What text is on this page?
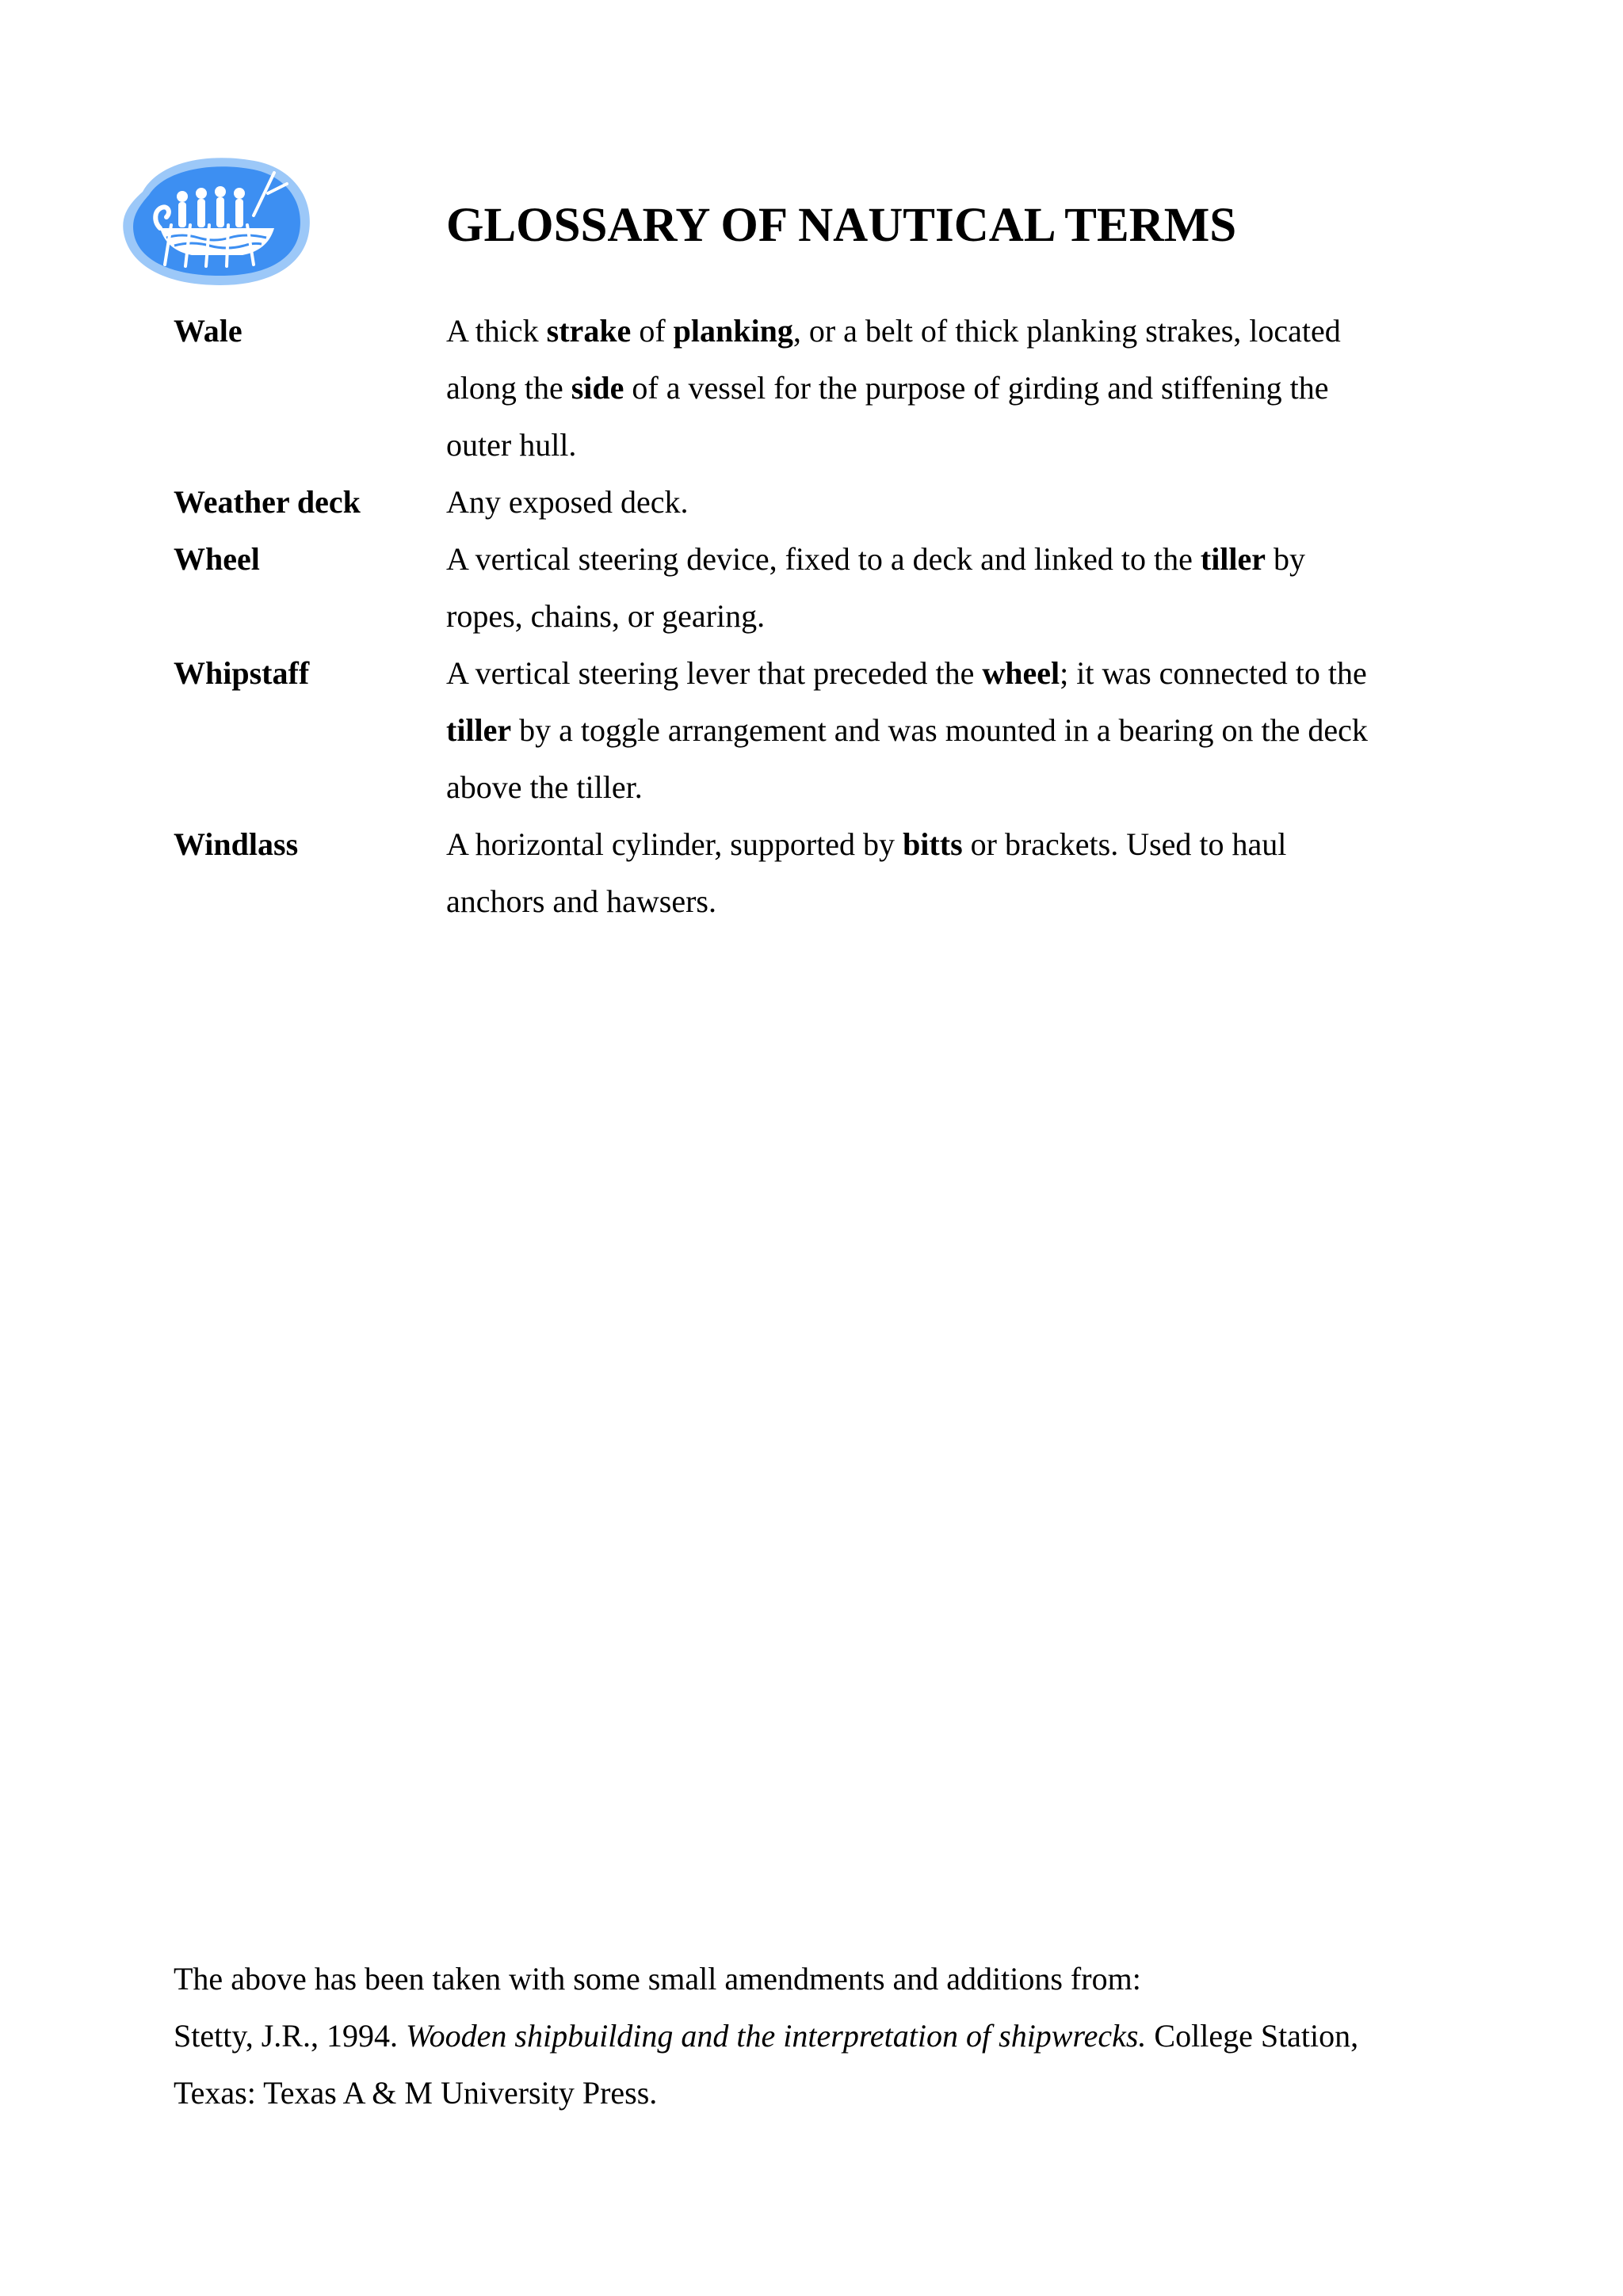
GLOSSARY OF NAUTICAL TERMS
Wale	A thick strake of planking, or a belt of thick planking strakes, located along the side of a vessel for the purpose of girding and stiffening the outer hull.
Weather deck	Any exposed deck.
Wheel	A vertical steering device, fixed to a deck and linked to the tiller by ropes, chains, or gearing.
Whipstaff	A vertical steering lever that preceded the wheel; it was connected to the tiller by a toggle arrangement and was mounted in a bearing on the deck above the tiller.
Windlass	A horizontal cylinder, supported by bitts or brackets. Used to haul anchors and hawsers.
The above has been taken with some small amendments and additions from:
Stetty, J.R., 1994. Wooden shipbuilding and the interpretation of shipwrecks. College Station, Texas: Texas A & M University Press.
